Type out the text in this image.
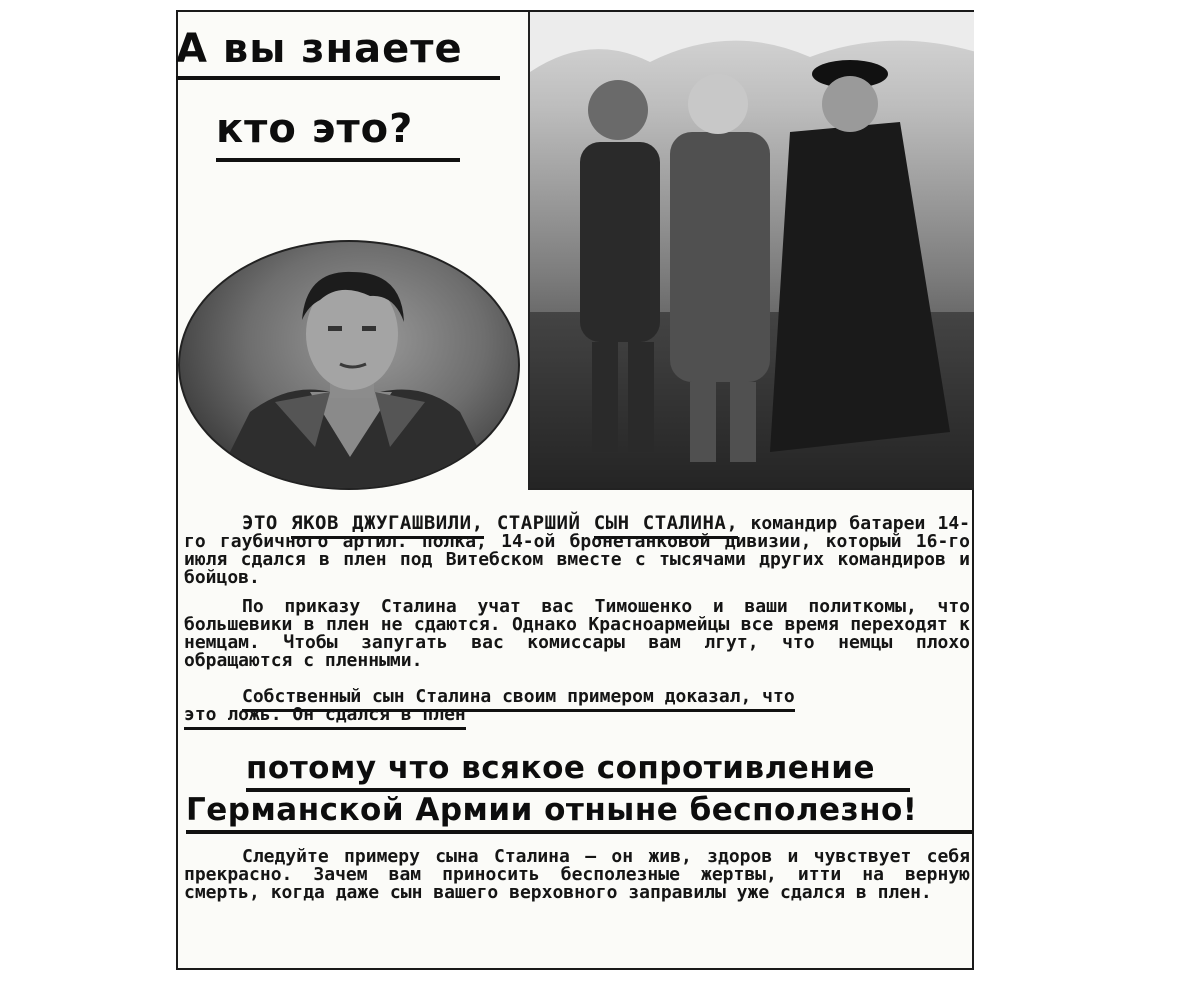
А вы знаете
кто это?

ЭТО ЯКОВ ДЖУГАШВИЛИ, СТАРШИЙ СЫН СТАЛИНА, командир батареи 14-го гаубичного артил. полка, 14-ой бронетанковой дивизии, который 16-го июля сдался в плен под Витебском вместе с тысячами других командиров и бойцов.

По приказу Сталина учат вас Тимошенко и ваши политкомы, что большевики в плен не сдаются. Однако Красноармейцы все время переходят к немцам. Чтобы запугать вас комиссары вам лгут, что немцы плохо обращаются с пленными.

Собственный сын Сталина своим примером доказал, что
это ложь. Он сдался в плен

потому что всякое сопротивление
Германской Армии отныне бесполезно!

Следуйте примеру сына Сталина — он жив, здоров и чувствует себя прекрасно. Зачем вам приносить бесполезные жертвы, итти на верную смерть, когда даже сын вашего верховного заправилы уже сдался в плен.
